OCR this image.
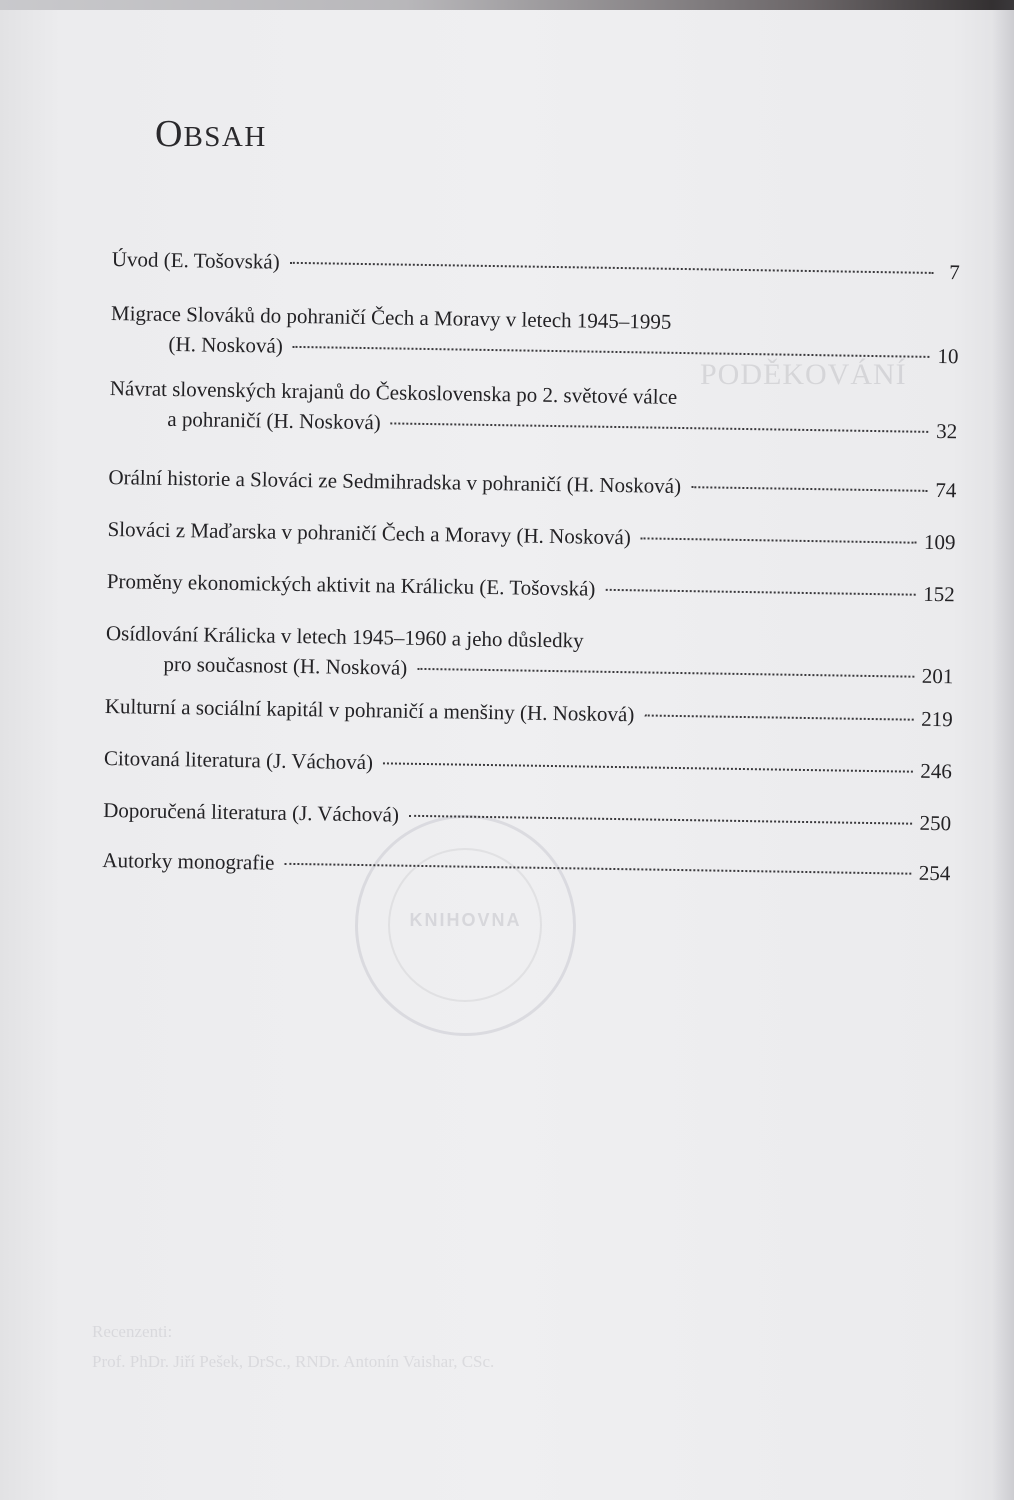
PODĚKOVÁNÍ
KNIHOVNA
Recenzenti:
Prof. PhDr. Jiří Pešek, DrSc., RNDr. Antonín Vaishar, CSc.
OBSAH
Úvod (E. Tošovská)	7
Migrace Slováků do pohraničí Čech a Moravy v letech 1945–1995
(H. Nosková)	10
Návrat slovenských krajanů do Československa po 2. světové válce
a pohraničí (H. Nosková)	32
Orální historie a Slováci ze Sedmihradska v pohraničí (H. Nosková)	74
Slováci z Maďarska v pohraničí Čech a Moravy (H. Nosková)	109
Proměny ekonomických aktivit na Králicku (E. Tošovská)	152
Osídlování Králicka v letech 1945–1960 a jeho důsledky
pro současnost (H. Nosková)	201
Kulturní a sociální kapitál v pohraničí a menšiny (H. Nosková)	219
Citovaná literatura (J. Váchová)	246
Doporučená literatura (J. Váchová)	250
Autorky monografie	254
